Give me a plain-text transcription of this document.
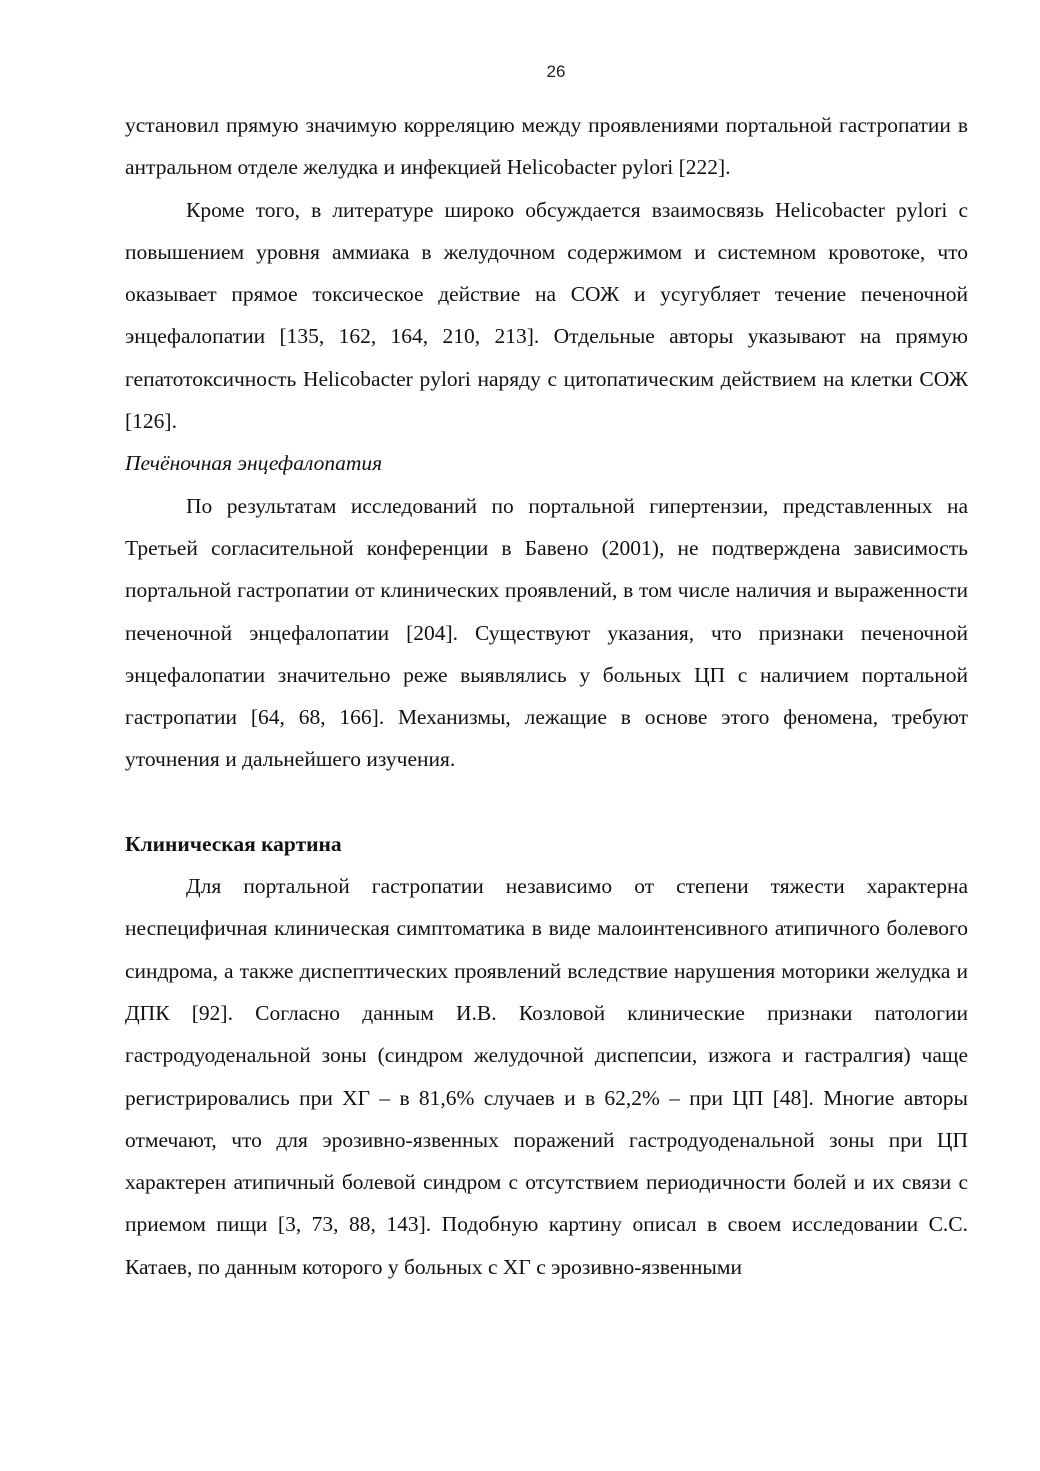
26

установил прямую значимую корреляцию между проявлениями портальной гастропатии в антральном отделе желудка и инфекцией Helicobacter pylori [222].

Кроме того, в литературе широко обсуждается взаимосвязь Helicobacter pylori с повышением уровня аммиака в желудочном содержимом и системном кровотоке, что оказывает прямое токсическое действие на СОЖ и усугубляет течение печеночной энцефалопатии [135, 162, 164, 210, 213]. Отдельные авторы указывают на прямую гепатотоксичность Helicobacter pylori наряду с цитопатическим действием на клетки СОЖ [126].

Печёночная энцефалопатия

По результатам исследований по портальной гипертензии, представленных на Третьей согласительной конференции в Бавено (2001), не подтверждена зависимость портальной гастропатии от клинических проявлений, в том числе наличия и выраженности печеночной энцефалопатии [204]. Существуют указания, что признаки печеночной энцефалопатии значительно реже выявлялись у больных ЦП с наличием портальной гастропатии [64, 68, 166]. Механизмы, лежащие в основе этого феномена, требуют уточнения и дальнейшего изучения.

Клиническая картина

Для портальной гастропатии независимо от степени тяжести характерна неспецифичная клиническая симптоматика в виде малоинтенсивного атипичного болевого синдрома, а также диспептических проявлений вследствие нарушения моторики желудка и ДПК [92]. Согласно данным И.В. Козловой клинические признаки патологии гастродуоденальной зоны (синдром желудочной диспепсии, изжога и гастралгия) чаще регистрировались при ХГ – в 81,6% случаев и в 62,2% – при ЦП [48]. Многие авторы отмечают, что для эрозивно-язвенных поражений гастродуоденальной зоны при ЦП характерен атипичный болевой синдром с отсутствием периодичности болей и их связи с приемом пищи [3, 73, 88, 143]. Подобную картину описал в своем исследовании С.С. Катаев, по данным которого у больных с ХГ с эрозивно-язвенными
